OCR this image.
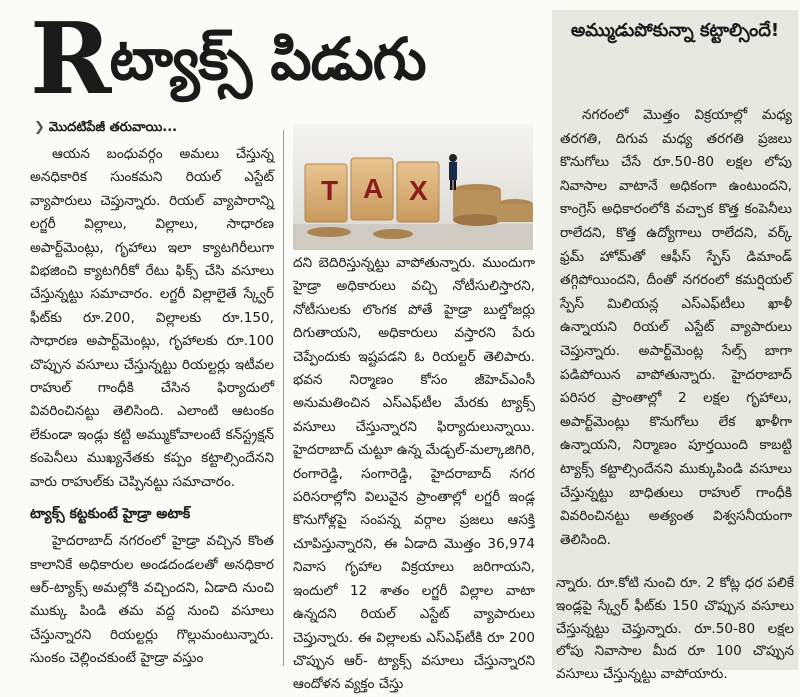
Rట్యాక్స్ పిడుగు
❯ మొదటిపేజీ తరువాయి...

ఆయన బంధువర్గం అమలు చేస్తున్న అనధికారిక సుంకమని రియల్ ఎస్టేట్ వ్యాపారులు చెప్తున్నారు. రియల్ వ్యాపారాన్ని లగ్జరీ విల్లాలు, విల్లాలు, సాధారణ అపార్ట్‌మెంట్లు, గృహాలు ఇలా క్యాటగిరీలుగా విభజించి క్యాటగిరీకో రేటు ఫిక్స్ చేసి వసూలు చేస్తున్నట్టు సమాచారం. లగ్జరీ విల్లాలైతే స్క్వేర్ ఫీట్‌కు రూ.200, విల్లాలకు రూ.150, సాధారణ అపార్ట్‌మెంట్లు, గృహాలకు రూ.100 చొప్పున వసూలు చేస్తున్నట్టు రియల్టర్లు ఇటీవల రాహుల్ గాంధీకి చేసిన ఫిర్యాదులో వివరించినట్టు తెలిసింది. ఎలాంటి ఆటంకం లేకుండా ఇండ్లు కట్టి అమ్ముకోవాలంటే కన్‌స్ట్రక్షన్ కంపెనీలు ముఖ్యనేతకు కప్పం కట్టాల్సిందేనని వారు రాహుల్‌కు చెప్పినట్టు సమాచారం.

ట్యాక్స్ కట్టకుంటే హైడ్రా అటాక్

హైదరాబాద్ నగరంలో హైడ్రా వచ్చిన కొంత కాలానికే అధికారుల అండదండలతో అనధికార ఆర్-ట్యాక్స్ అమల్లోకి వచ్చిందని, ఏడాది నుంచి ముక్కు పిండి తమ వద్ద నుంచి వసూలు చేస్తున్నారని రియల్టర్లు గొల్లుమంటున్నారు. సుంకం చెల్లించకుంటే హైడ్రా వస్తుం

T A X

దని బెదిరిస్తున్నట్టు వాపోతున్నారు. ముందుగా హైడ్రా అధికారులు వచ్చి నోటీసులిస్తారని, నోటీసులకు లొంగక పోతే హైడ్రా బుల్డోజర్లు దిగుతాయని, అధికారులు వస్తారని పేరు చెప్పేందుకు ఇష్టపడని ఓ రియల్టర్ తెలిపారు. భవన నిర్మాణం కోసం జీహెచ్‌ఎంసీ అనుమతించిన ఎస్‌ఎఫ్‌టీల మేరకు ట్యాక్స్ వసూలు చేస్తున్నారని ఫిర్యాదులున్నాయి. హైదరాబాద్ చుట్టూ ఉన్న మేడ్చల్-మల్కాజిగిరి, రంగారెడ్డి, సంగారెడ్డి, హైదరాబాద్ నగర పరిసరాల్లోని విలువైన ప్రాంతాల్లో లగ్జరీ ఇండ్ల కొనుగోళ్లపై సంపన్న వర్గాల ప్రజలు ఆసక్తి చూపిస్తున్నారని, ఈ ఏడాది మొత్తం 36,974 నివాస గృహాల విక్రయాలు జరిగాయని, ఇందులో 12 శాతం లగ్జరీ విల్లాల వాటా ఉన్నదని రియల్ ఎస్టేట్ వ్యాపారులు చెప్తున్నారు. ఈ విల్లాలకు ఎస్‌ఎఫ్‌టీకి రూ 200 చొప్పున ఆర్- ట్యాక్స్ వసూలు చేస్తున్నారని ఆందోళన వ్యక్తం చేస్తు

అమ్ముడుపోకున్నా కట్టాల్సిందే!

నగరంలో మొత్తం విక్రయాల్లో మధ్య తరగతి, దిగువ మధ్య తరగతి ప్రజలు కొనుగోలు చేసే రూ.50-80 లక్షల లోపు నివాసాల వాటానే అధికంగా ఉంటుందని, కాంగ్రెస్ అధికారంలోకి వచ్చాక కొత్త కంపెనీలు రాలేదని, కొత్త ఉద్యోగాలు రాలేదని, వర్క్ ఫ్రమ్ హోమ్‌తో ఆఫీస్ స్పేస్ డిమాండ్ తగ్గిపోయిందని, దీంతో నగరంలో కమర్షియల్ స్పేస్ మిలియన్ల ఎస్‌ఎఫ్‌టీలు ఖాళీ ఉన్నాయని రియల్ ఎస్టేట్ వ్యాపారులు చెప్తున్నారు. అపార్ట్‌మెంట్ల సేల్స్ బాగా పడిపోయిన వాపోతున్నారు. హైదరాబాద్ పరిసర ప్రాంతాల్లో 2 లక్షల గృహాలు, అపార్ట్‌మెంట్లు కొనుగోలు లేక ఖాళీగా ఉన్నాయని, నిర్మాణం పూర్తయింది కాబట్టి ట్యాక్స్ కట్టాల్సిందేనని ముక్కుపిండి వసూలు చేస్తున్నట్టు బాధితులు రాహుల్ గాంధీకి వివరించినట్టు అత్యంత విశ్వసనీయంగా తెలిసింది.

న్నారు. రూ.కోటి నుంచి రూ. 2 కోట్ల ధర పలికే ఇండ్లపై స్క్వేర్ ఫీట్‌కు 150 చొప్పున వసూలు చేస్తున్నట్టు చెప్తున్నారు. రూ.50-80 లక్షల లోపు నివాసాల మీద రూ 100 చొప్పున వసూలు చేస్తున్నట్టు వాపోయారు.
